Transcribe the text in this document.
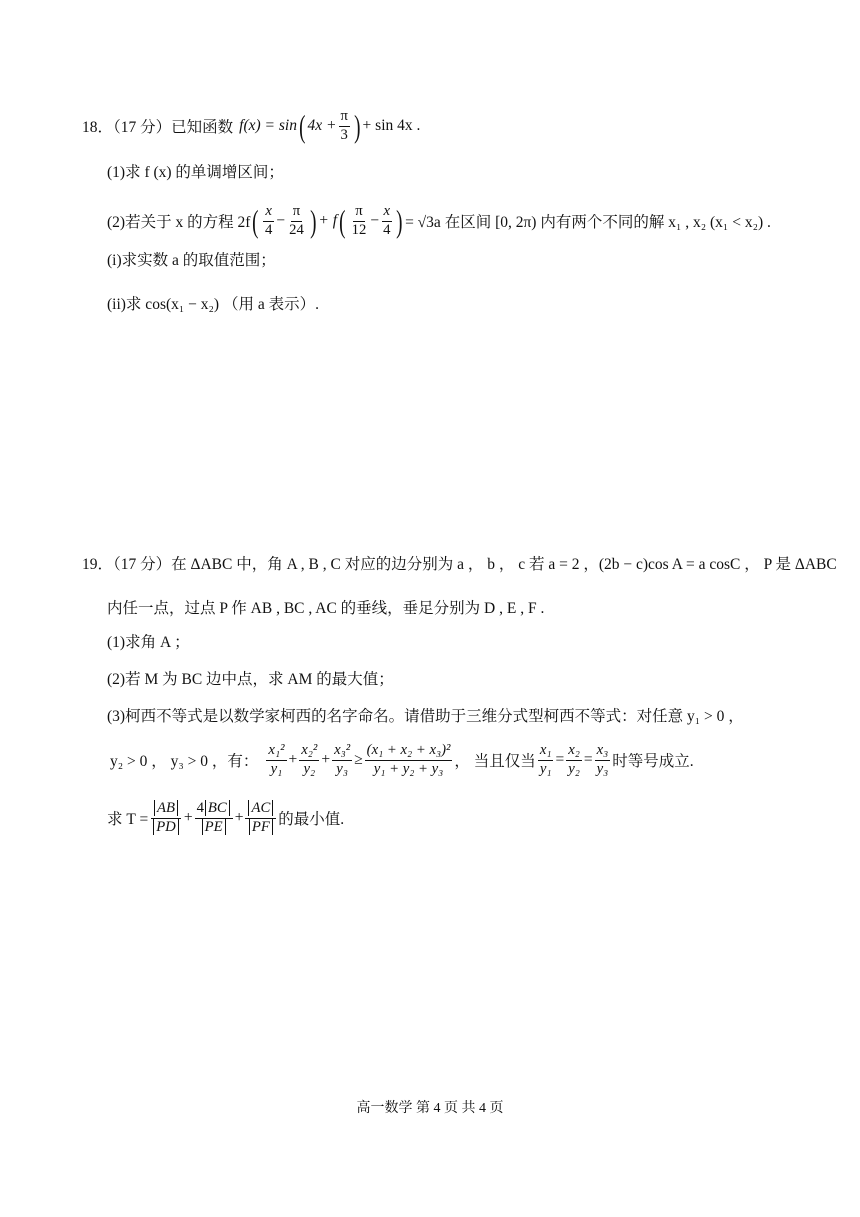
18．（17 分）已知函数 f(x) = sin ( $4x + \frac{\pi}{3}$ ) + sin 4x .
(1)求 f (x) 的单调增区间；
(2)若关于 x 的方程 2f ( $\frac{x}{4} - \frac{\pi}{24}$ ) + f ( $\frac{\pi}{12} - \frac{x}{4}$ ) = √3a 在区间 [0, 2π) 内有两个不同的解 x₁ , x₂ (x₁ < x₂) .
(i)求实数 a 的取值范围；
(ii)求 cos(x₁ − x₂) （用 a 表示）.
19．（17 分）在 ΔABC 中，角 A , B , C 对应的边分别为 a ， b ， c 若 a = 2 ，(2b − c)cos A = a cosC ， P 是 ΔABC
内任一点，过点 P 作 AB , BC , AC 的垂线，垂足分别为 D , E , F .
(1)求角 A ；
(2)若 M 为 BC 边中点，求 AM 的最大值；
(3)柯西不等式是以数学家柯西的名字命名。请借助于三维分式型柯西不等式：对任意 y₁ > 0 ，
y₂ > 0 ， y₃ > 0 ，有： $\frac{\text{x₁²}}{\text{y₁}} + \frac{\text{x₂²}}{\text{y₂}} + \frac{\text{x₃²}}{\text{y₃}} \ge \frac{\text{(x₁ + x₂ + x₃)²}}{\text{y₁ + y₂ + y₃}}$ ， 当且仅当 $\frac{\text{x₁}}{\text{y₁}} = \frac{\text{x₂}}{\text{y₂}} = \frac{\text{x₃}}{\text{y₃}}$ 时等号成立.
求 $T = \frac{AB}{PD} + \frac{4 BC}{PE} + \frac{AC}{PF}$ 的最小值.
高一数学 第 4 页 共 4 页
